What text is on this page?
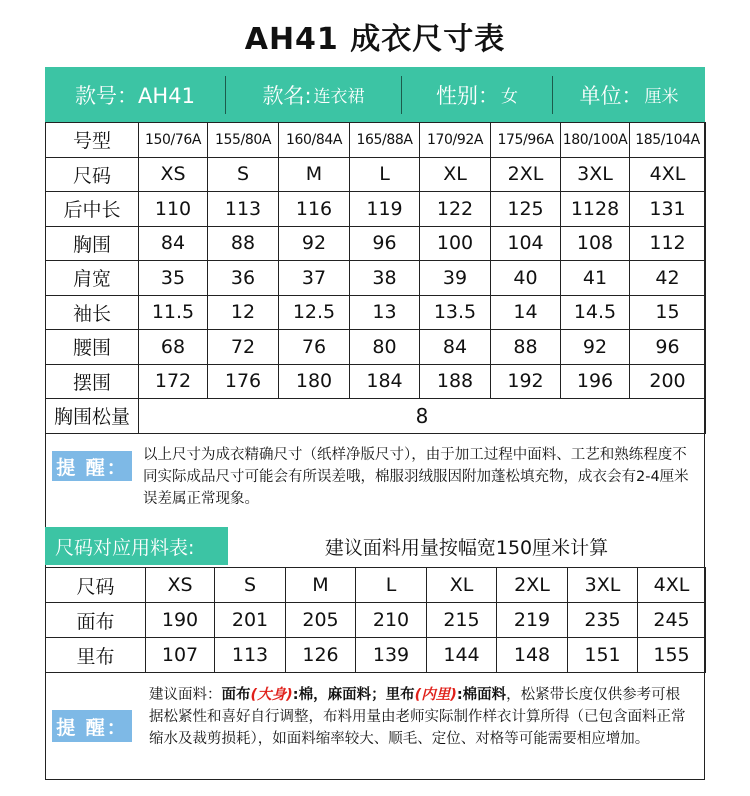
AH41 成衣尺寸表
款号：AH41	款名: 连衣裙	性别： 女	单位： 厘米
号型	150/76A	155/80A	160/84A	165/88A	170/92A	175/96A	180/100A	185/104A
尺码	XS	S	M	L	XL	2XL	3XL	4XL
后中长	110	113	116	119	122	125	1128	131
胸围	84	88	92	96	100	104	108	112
肩宽	35	36	37	38	39	40	41	42
袖长	11.5	12	12.5	13	13.5	14	14.5	15
腰围	68	72	76	80	84	88	92	96
摆围	172	176	180	184	188	192	196	200
胸围松量	8							
提 醒：
以上尺寸为成衣精确尺寸（纸样净版尺寸），由于加工过程中面料、工艺和熟练程度不同实际成品尺寸可能会有所误差哦，棉服羽绒服因附加蓬松填充物，成衣会有2-4厘米误差属正常现象。
尺码对应用料表:	建议面料用量按幅宽150厘米计算
尺码	XS	S	M	L	XL	2XL	3XL	4XL
面布	190	201	205	210	215	219	235	245
里布	107	113	126	139	144	148	151	155
提 醒：
建议面料：面布(大身):棉，麻面料；里布(内里):棉面料，松紧带长度仅供参考可根据松紧性和喜好自行调整，布料用量由老师实际制作样衣计算所得（已包含面料正常缩水及裁剪损耗），如面料缩率较大、顺毛、定位、对格等可能需要相应增加。
